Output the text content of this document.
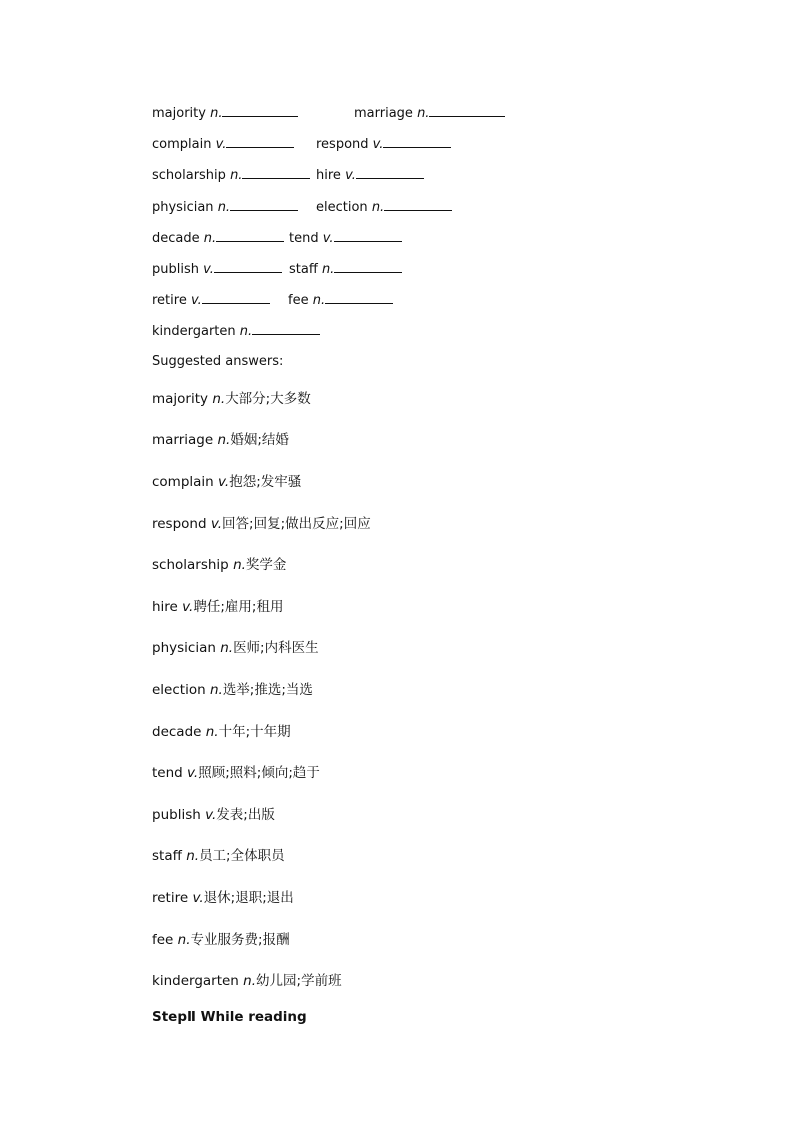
majority n.	marriage n.
complain v.	respond v.
scholarship n.	hire v.
physician n.	election n.
decade n.	tend v.
publish v.	staff n.
retire v.	fee n.
kindergarten n.
Suggested answers:
majority n.大部分;大多数
marriage n.婚姻;结婚
complain v.抱怨;发牢骚
respond v.回答;回复;做出反应;回应
scholarship n.奖学金
hire v.聘任;雇用;租用
physician n.医师;内科医生
election n.选举;推选;当选
decade n.十年;十年期
tend v.照顾;照料;倾向;趋于
publish v.发表;出版
staff n.员工;全体职员
retire v.退休;退职;退出
fee n.专业服务费;报酬
kindergarten n.幼儿园;学前班
StepⅡ While reading
